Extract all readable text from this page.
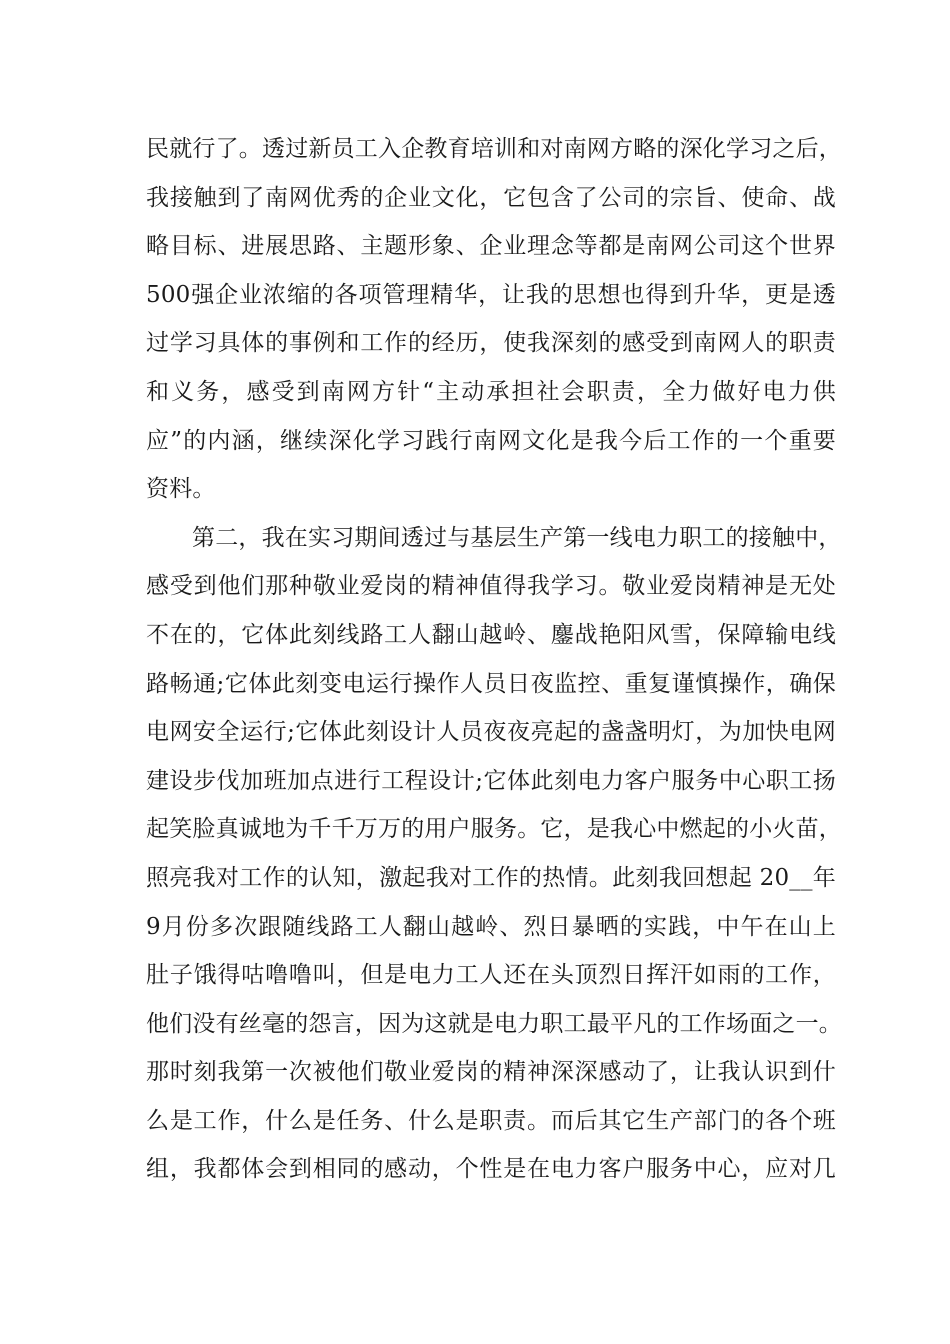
民就行了。透过新员工入企教育培训和对南网方略的深化学习之后，
我接触到了南网优秀的企业文化，它包含了公司的宗旨、使命、战
略目标、进展思路、主题形象、企业理念等都是南网公司这个世界
500强企业浓缩的各项管理精华，让我的思想也得到升华，更是透
过学习具体的事例和工作的经历，使我深刻的感受到南网人的职责
和义务，感受到南网方针“主动承担社会职责，全力做好电力供
应”的内涵，继续深化学习践行南网文化是我今后工作的一个重要
资料。
第二，我在实习期间透过与基层生产第一线电力职工的接触中，
感受到他们那种敬业爱岗的精神值得我学习。敬业爱岗精神是无处
不在的，它体此刻线路工人翻山越岭、鏖战艳阳风雪，保障输电线
路畅通;它体此刻变电运行操作人员日夜监控、重复谨慎操作，确保
电网安全运行;它体此刻设计人员夜夜亮起的盏盏明灯，为加快电网
建设步伐加班加点进行工程设计;它体此刻电力客户服务中心职工扬
起笑脸真诚地为千千万万的用户服务。它，是我心中燃起的小火苗，
照亮我对工作的认知，激起我对工作的热情。此刻我回想起 20__年
9月份多次跟随线路工人翻山越岭、烈日暴晒的实践，中午在山上
肚子饿得咕噜噜叫，但是电力工人还在头顶烈日挥汗如雨的工作，
他们没有丝毫的怨言，因为这就是电力职工最平凡的工作场面之一。
那时刻我第一次被他们敬业爱岗的精神深深感动了，让我认识到什
么是工作，什么是任务、什么是职责。而后其它生产部门的各个班
组，我都体会到相同的感动，个性是在电力客户服务中心，应对几
